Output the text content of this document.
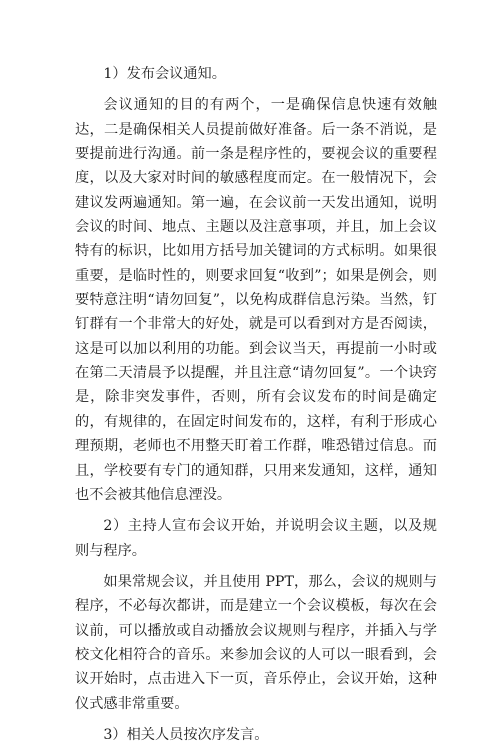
1）发布会议通知。

会议通知的目的有两个，一是确保信息快速有效触达，二是确保相关人员提前做好准备。后一条不消说，是要提前进行沟通。前一条是程序性的，要视会议的重要程度，以及大家对时间的敏感程度而定。在一般情况下，会建议发两遍通知。第一遍，在会议前一天发出通知，说明会议的时间、地点、主题以及注意事项，并且，加上会议特有的标识，比如用方括号加关键词的方式标明。如果很重要，是临时性的，则要求回复“收到”；如果是例会，则要特意注明“请勿回复”，以免构成群信息污染。当然，钉钉群有一个非常大的好处，就是可以看到对方是否阅读，这是可以加以利用的功能。到会议当天，再提前一小时或在第二天清晨予以提醒，并且注意“请勿回复”。一个诀窍是，除非突发事件，否则，所有会议发布的时间是确定的，有规律的，在固定时间发布的，这样，有利于形成心理预期，老师也不用整天盯着工作群，唯恐错过信息。而且，学校要有专门的通知群，只用来发通知，这样，通知也不会被其他信息湮没。

2）主持人宣布会议开始，并说明会议主题，以及规则与程序。

如果常规会议，并且使用 PPT，那么，会议的规则与程序，不必每次都讲，而是建立一个会议模板，每次在会议前，可以播放或自动播放会议规则与程序，并插入与学校文化相符合的音乐。来参加会议的人可以一眼看到，会议开始时，点击进入下一页，音乐停止，会议开始，这种仪式感非常重要。

3）相关人员按次序发言。
